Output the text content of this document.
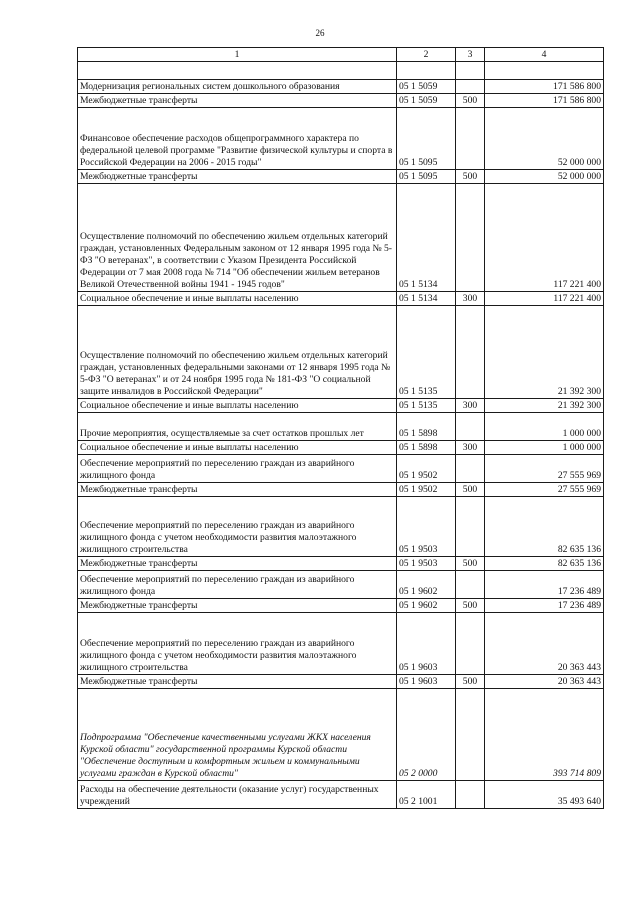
26
1	2	3	4

Модернизация региональных систем дошкольного образования	05 1 5059		171 586 800
Межбюджетные трансферты	05 1 5059	500	171 586 800
Финансовое обеспечение расходов общепрограммного характера по федеральной целевой программе "Развитие физической культуры и спорта в Российской Федерации на 2006 - 2015 годы"	05 1 5095		52 000 000
Межбюджетные трансферты	05 1 5095	500	52 000 000
Осуществление полномочий по обеспечению жильем отдельных категорий граждан, установленных Федеральным законом от 12 января 1995 года № 5-ФЗ "О ветеранах", в соответствии с Указом Президента Российской Федерации от 7 мая 2008 года № 714 "Об обеспечении жильем ветеранов Великой Отечественной войны 1941 - 1945 годов"	05 1 5134		117 221 400
Социальное обеспечение и иные выплаты населению	05 1 5134	300	117 221 400
Осуществление полномочий по обеспечению жильем отдельных категорий граждан, установленных федеральными законами от 12 января 1995 года № 5-ФЗ "О ветеранах" и от 24 ноября 1995 года № 181-ФЗ "О социальной защите инвалидов в Российской Федерации"	05 1 5135		21 392 300
Социальное обеспечение и иные выплаты населению	05 1 5135	300	21 392 300
Прочие мероприятия, осуществляемые за счет остатков прошлых лет	05 1 5898		1 000 000
Социальное обеспечение и иные выплаты населению	05 1 5898	300	1 000 000
Обеспечение мероприятий по переселению граждан из аварийного жилищного фонда	05 1 9502		27 555 969
Межбюджетные трансферты	05 1 9502	500	27 555 969
Обеспечение мероприятий по переселению граждан из аварийного жилищного фонда с учетом необходимости развития малоэтажного жилищного строительства	05 1 9503		82 635 136
Межбюджетные трансферты	05 1 9503	500	82 635 136
Обеспечение мероприятий по переселению граждан из аварийного жилищного фонда	05 1 9602		17 236 489
Межбюджетные трансферты	05 1 9602	500	17 236 489
Обеспечение мероприятий по переселению граждан из аварийного жилищного фонда с учетом необходимости развития малоэтажного жилищного строительства	05 1 9603		20 363 443
Межбюджетные трансферты	05 1 9603	500	20 363 443
Подпрограмма "Обеспечение качественными услугами ЖКХ населения Курской области" государственной программы Курской области "Обеспечение доступным и комфортным жильем и коммунальными услугами граждан в Курской области"	05 2 0000		393 714 809
Расходы на обеспечение деятельности (оказание услуг) государственных учреждений	05 2 1001		35 493 640
